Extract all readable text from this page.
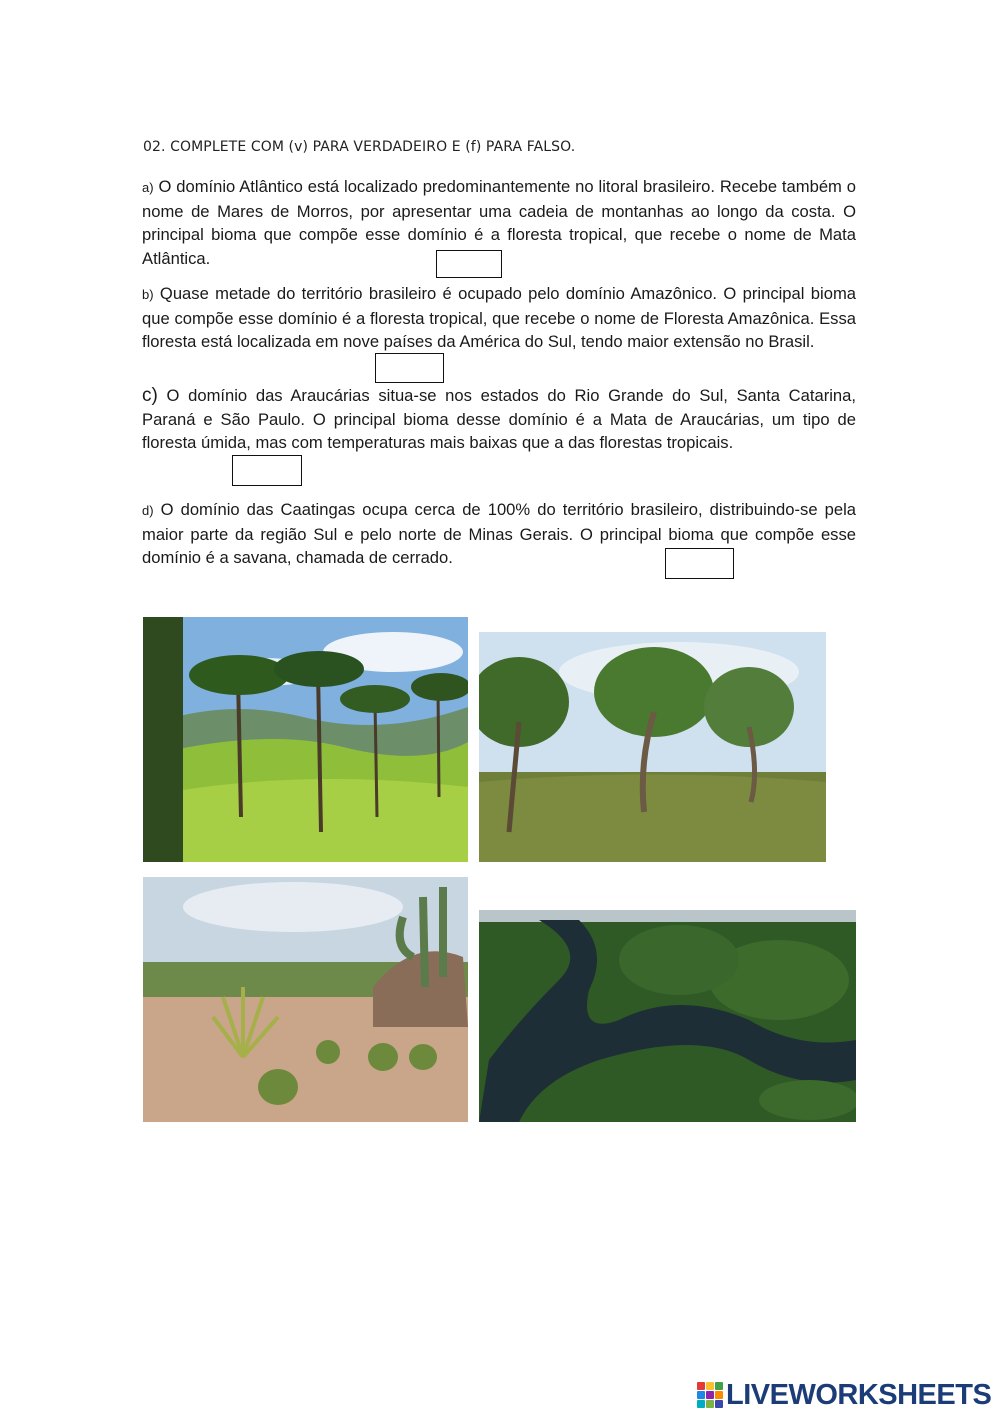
02. COMPLETE COM (v) PARA VERDADEIRO E (f) PARA FALSO.
a) O domínio Atlântico está localizado predominantemente no litoral brasileiro. Recebe também o nome de Mares de Morros, por apresentar uma cadeia de montanhas ao longo da costa. O principal bioma que compõe esse domínio é a floresta tropical, que recebe o nome de Mata Atlântica.
b) Quase metade do território brasileiro é ocupado pelo domínio Amazônico. O principal bioma que compõe esse domínio é a floresta tropical, que recebe o nome de Floresta Amazônica. Essa floresta está localizada em nove países da América do Sul, tendo maior extensão no Brasil.
c) O domínio das Araucárias situa-se nos estados do Rio Grande do Sul, Santa Catarina, Paraná e São Paulo. O principal bioma desse domínio é a Mata de Araucárias, um tipo de floresta úmida, mas com temperaturas mais baixas que a das florestas tropicais.
d) O domínio das Caatingas ocupa cerca de 100% do território brasileiro, distribuindo-se pela maior parte da região Sul e pelo norte de Minas Gerais. O principal bioma que compõe esse domínio é a savana, chamada de cerrado.
LIVEWORKSHEETS
